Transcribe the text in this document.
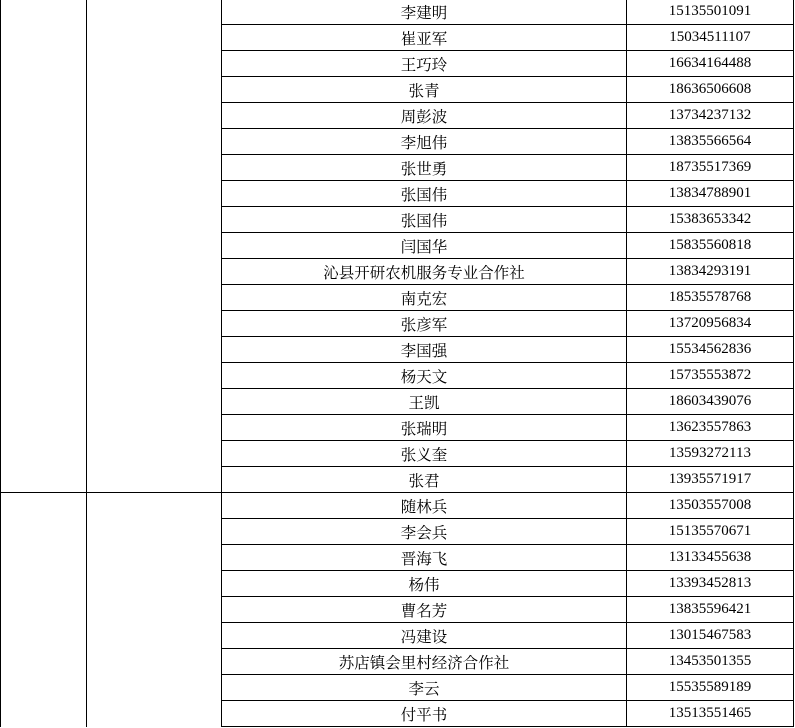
		李建明	15135501091
		崔亚军	15034511107
		王巧玲	16634164488
		张青	18636506608
		周彭波	13734237132
		李旭伟	13835566564
		张世勇	18735517369
		张国伟	13834788901
		张国伟	15383653342
		闫国华	15835560818
		沁县开研农机服务专业合作社	13834293191
		南克宏	18535578768
		张彦军	13720956834
		李国强	15534562836
		杨天文	15735553872
		王凯	18603439076
		张瑞明	13623557863
		张义奎	13593272113
		张君	13935571917
		随林兵	13503557008
		李会兵	15135570671
		晋海飞	13133455638
		杨伟	13393452813
		曹名芳	13835596421
		冯建设	13015467583
		苏店镇会里村经济合作社	13453501355
		李云	15535589189
		付平书	13513551465
